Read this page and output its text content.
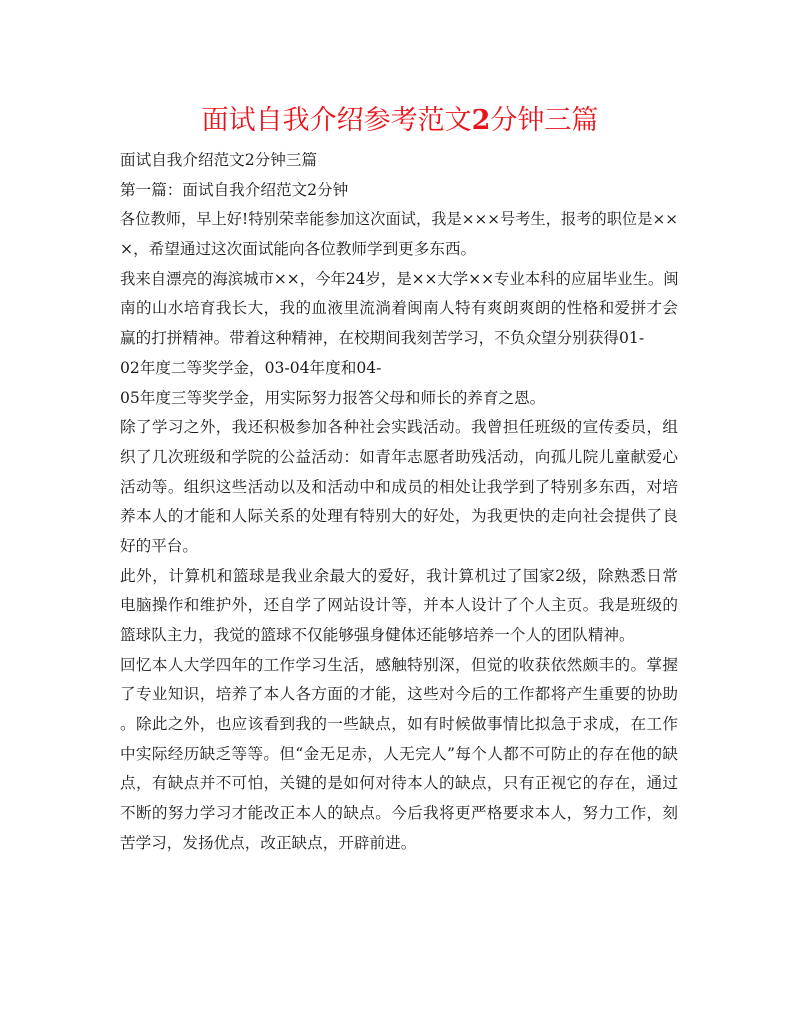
面试自我介绍参考范文2分钟三篇
面试自我介绍范文2分钟三篇
第一篇：面试自我介绍范文2分钟
各位教师，早上好!特别荣幸能参加这次面试，我是×××号考生，报考的职位是××
×，希望通过这次面试能向各位教师学到更多东西。
我来自漂亮的海滨城市××，今年24岁，是××大学××专业本科的应届毕业生。闽
南的山水培育我长大，我的血液里流淌着闽南人特有爽朗爽朗的性格和爱拼才会
赢的打拼精神。带着这种精神，在校期间我刻苦学习，不负众望分别获得01-
02年度二等奖学金，03-04年度和04-
05年度三等奖学金，用实际努力报答父母和师长的养育之恩。
除了学习之外，我还积极参加各种社会实践活动。我曾担任班级的宣传委员，组
织了几次班级和学院的公益活动：如青年志愿者助残活动，向孤儿院儿童献爱心
活动等。组织这些活动以及和活动中和成员的相处让我学到了特别多东西，对培
养本人的才能和人际关系的处理有特别大的好处，为我更快的走向社会提供了良
好的平台。
此外，计算机和篮球是我业余最大的爱好，我计算机过了国家2级，除熟悉日常
电脑操作和维护外，还自学了网站设计等，并本人设计了个人主页。我是班级的
篮球队主力，我觉的篮球不仅能够强身健体还能够培养一个人的团队精神。
回忆本人大学四年的工作学习生活，感触特别深，但觉的收获依然颇丰的。掌握
了专业知识，培养了本人各方面的才能，这些对今后的工作都将产生重要的协助
。除此之外，也应该看到我的一些缺点，如有时候做事情比拟急于求成，在工作
中实际经历缺乏等等。但“金无足赤，人无完人”每个人都不可防止的存在他的缺
点，有缺点并不可怕，关键的是如何对待本人的缺点，只有正视它的存在，通过
不断的努力学习才能改正本人的缺点。今后我将更严格要求本人，努力工作，刻
苦学习，发扬优点，改正缺点，开辟前进。
